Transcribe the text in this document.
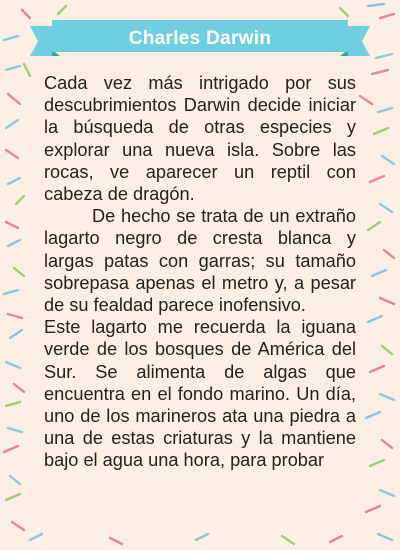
Charles Darwin

Cada vez más intrigado por sus descubrimientos Darwin decide iniciar la búsqueda de otras especies y explorar una nueva isla. Sobre las rocas, ve aparecer un reptil con cabeza de dragón.

De hecho se trata de un extraño lagarto negro de cresta blanca y largas patas con garras; su tamaño sobrepasa apenas el metro y, a pesar de su fealdad parece inofensivo.

Este lagarto me recuerda la iguana verde de los bosques de América del Sur. Se alimenta de algas que encuentra en el fondo marino. Un día, uno de los marineros ata una piedra a una de estas criaturas y la mantiene bajo el agua una hora, para probar
